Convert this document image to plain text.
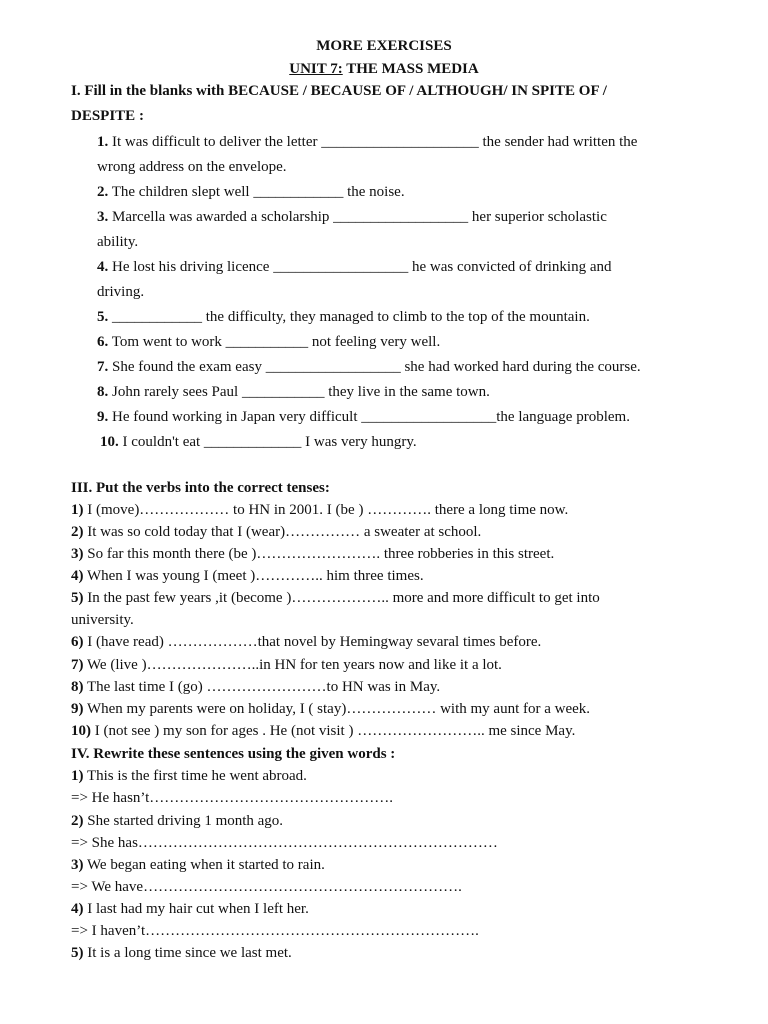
MORE EXERCISES
UNIT 7: THE MASS MEDIA
I. Fill in the blanks with BECAUSE / BECAUSE OF / ALTHOUGH/ IN SPITE OF /
DESPITE :
1. It was difficult to deliver the letter _____________________ the sender had written the
wrong address on the envelope.
2. The children slept well ____________ the noise.
3. Marcella was awarded a scholarship __________________ her superior scholastic
ability.
4. He lost his driving licence __________________ he was convicted of drinking and
driving.
5. ____________ the difficulty, they managed to climb to the top of the mountain.
6. Tom went to work ___________ not feeling very well.
7. She found the exam easy __________________ she had worked hard during the course.
8. John rarely sees Paul ___________ they live in the same town.
9. He found working in Japan very difficult __________________the language problem.
10. I couldn't eat _____________ I was very hungry.
III. Put the verbs into the correct tenses:
1) I (move)……………… to HN in 2001. I (be ) …………. there a long time now.
2) It was so cold today that I (wear)…………… a sweater at school.
3) So far this month there (be )……………………. three robberies in this street.
4) When I was young I (meet )………….. him three times.
5) In the past few years ,it (become )……………….. more and more difficult to get into
university.
6) I (have read) ………………that novel by Hemingway sevaral times before.
7) We (live )…………………..in HN for ten years now and like it a lot.
8) The last time I (go) ……………………to HN was in May.
9) When my parents were on holiday, I ( stay)……………… with my aunt for a week.
10) I (not see ) my son for ages . He (not visit ) …………………….. me since May.
IV. Rewrite these sentences using the given words :
1) This is the first time he went abroad.
=> He hasn’t………………………………………….
2) She started driving 1 month ago.
=> She has………………………………………………………………
3) We began eating when it started to rain.
=> We have……………………………………………………….
4) I last had my hair cut when I left her.
=> I haven’t………………………………………………………….
5) It is a long time since we last met.
